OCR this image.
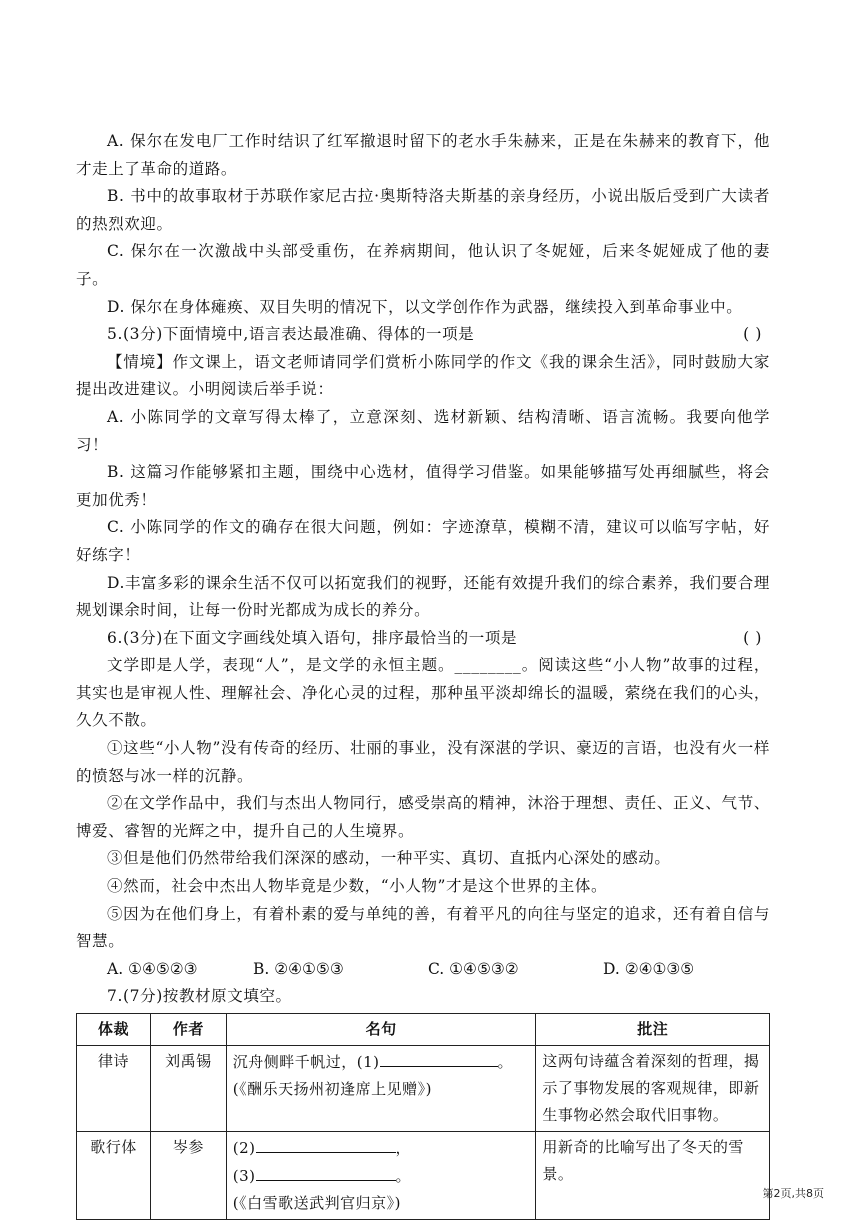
A. 保尔在发电厂工作时结识了红军撤退时留下的老水手朱赫来，正是在朱赫来的教育下，他才走上了革命的道路。

B. 书中的故事取材于苏联作家尼古拉·奥斯特洛夫斯基的亲身经历，小说出版后受到广大读者的热烈欢迎。

C. 保尔在一次激战中头部受重伤，在养病期间，他认识了冬妮娅，后来冬妮娅成了他的妻子。

D. 保尔在身体瘫痪、双目失明的情况下，以文学创作作为武器，继续投入到革命事业中。

5.(3分)下面情境中,语言表达最准确、得体的一项是	( )

【情境】作文课上，语文老师请同学们赏析小陈同学的作文《我的课余生活》，同时鼓励大家提出改进建议。小明阅读后举手说：

A. 小陈同学的文章写得太棒了，立意深刻、选材新颖、结构清晰、语言流畅。我要向他学习！

B. 这篇习作能够紧扣主题，围绕中心选材，值得学习借鉴。如果能够描写处再细腻些，将会更加优秀！

C. 小陈同学的作文的确存在很大问题，例如：字迹潦草，模糊不清，建议可以临写字帖，好好练字！

D.丰富多彩的课余生活不仅可以拓宽我们的视野，还能有效提升我们的综合素养，我们要合理规划课余时间，让每一份时光都成为成长的养分。

6.(3分)在下面文字画线处填入语句，排序最恰当的一项是	( )

文学即是人学，表现“人”，是文学的永恒主题。________。阅读这些“小人物”故事的过程，其实也是审视人性、理解社会、净化心灵的过程，那种虽平淡却绵长的温暖，萦绕在我们的心头，久久不散。

①这些“小人物”没有传奇的经历、壮丽的事业，没有深湛的学识、豪迈的言语，也没有火一样的愤怒与冰一样的沉静。

②在文学作品中，我们与杰出人物同行，感受崇高的精神，沐浴于理想、责任、正义、气节、博爱、睿智的光辉之中，提升自己的人生境界。

③但是他们仍然带给我们深深的感动，一种平实、真切、直抵内心深处的感动。

④然而，社会中杰出人物毕竟是少数，“小人物”才是这个世界的主体。

⑤因为在他们身上，有着朴素的爱与单纯的善，有着平凡的向往与坚定的追求，还有着自信与智慧。

A. ①④⑤②③	B. ②④①⑤③	C. ①④⑤③②	D. ②④①③⑤

7.(7分)按教材原文填空。

体裁	作者	名句	批注
律诗	刘禹锡	沉舟侧畔千帆过，(1) 。
(《酬乐天扬州初逢席上见赠》)	这两句诗蕴含着深刻的哲理，揭示了事物发展的客观规律，即新生事物必然会取代旧事物。
歌行体	岑参	(2) ，
(3) 。
(《白雪歌送武判官归京》)	用新奇的比喻写出了冬天的雪景。
第2页,共8页
